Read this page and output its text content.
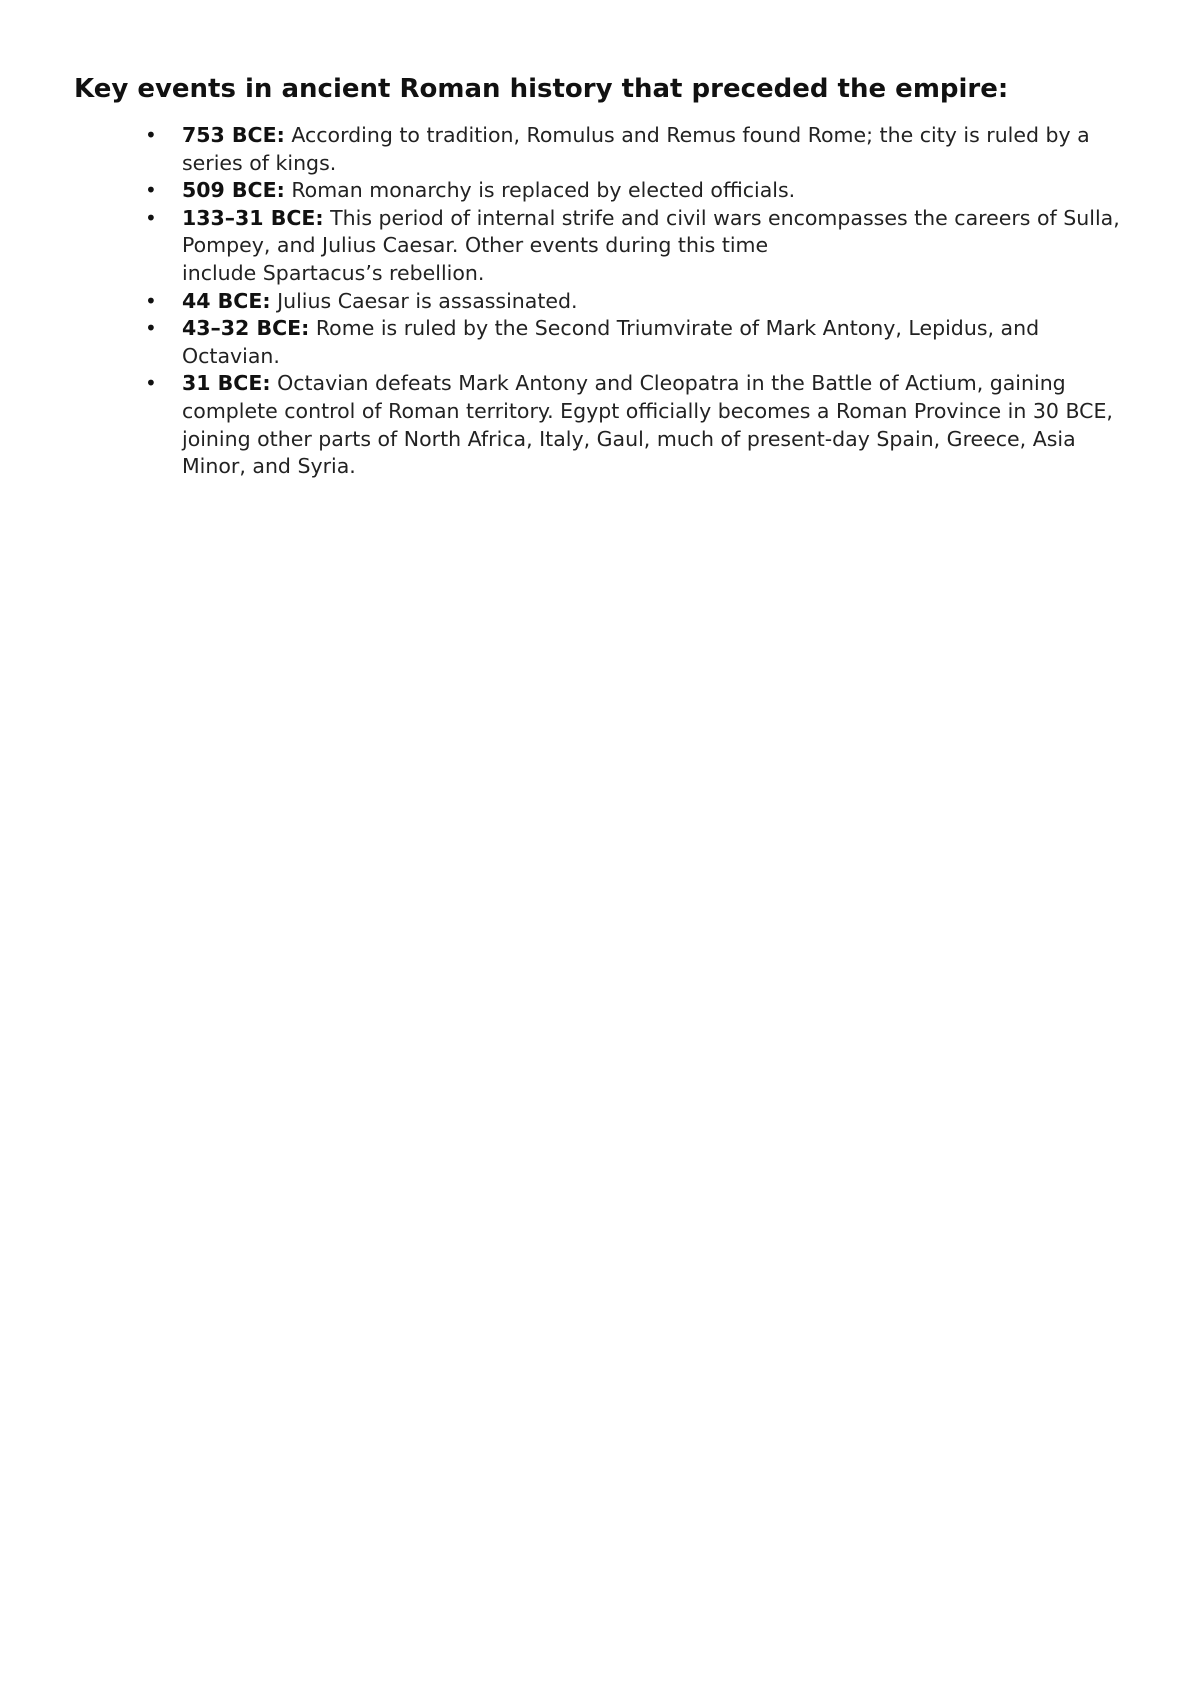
Key events in ancient Roman history that preceded the empire:
• 753 BCE: According to tradition, Romulus and Remus found Rome; the city is ruled by a series of kings.
• 509 BCE: Roman monarchy is replaced by elected officials.
• 133–31 BCE: This period of internal strife and civil wars encompasses the careers of Sulla, Pompey, and Julius Caesar. Other events during this time
include Spartacus’s rebellion.
• 44 BCE: Julius Caesar is assassinated.
• 43–32 BCE: Rome is ruled by the Second Triumvirate of Mark Antony, Lepidus, and Octavian.
• 31 BCE: Octavian defeats Mark Antony and Cleopatra in the Battle of Actium, gaining complete control of Roman territory. Egypt officially becomes a Roman Province in 30 BCE, joining other parts of North Africa, Italy, Gaul, much of present-day Spain, Greece, Asia Minor, and Syria.
